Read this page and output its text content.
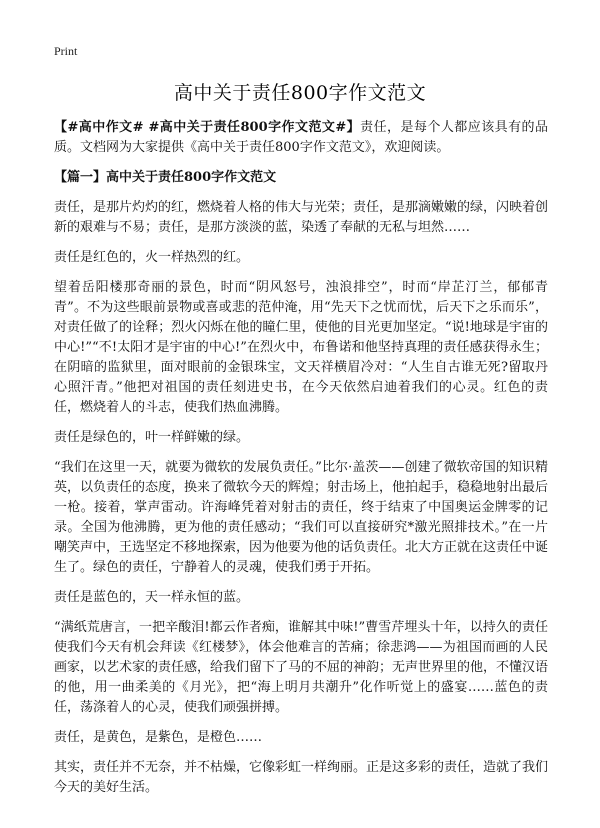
Print
高中关于责任800字作文范文

【#高中作文# #高中关于责任800字作文范文#】责任，是每个人都应该具有的品质。文档网为大家提供《高中关于责任800字作文范文》，欢迎阅读。

【篇一】高中关于责任800字作文范文

责任，是那片灼灼的红，燃烧着人格的伟大与光荣；责任，是那滴嫩嫩的绿，闪映着创新的艰难与不易；责任，是那方淡淡的蓝，染透了奉献的无私与坦然……

责任是红色的，火一样热烈的红。

望着岳阳楼那奇丽的景色，时而“阴风怒号，浊浪排空”，时而“岸芷汀兰，郁郁青青”。不为这些眼前景物或喜或悲的范仲淹，用“先天下之忧而忧，后天下之乐而乐”，对责任做了的诠释；烈火闪烁在他的瞳仁里，使他的目光更加坚定。“说!地球是宇宙的中心!”“不!太阳才是宇宙的中心!”在烈火中，布鲁诺和他坚持真理的责任感获得永生；在阴暗的监狱里，面对眼前的金银珠宝，文天祥横眉冷对：“人生自古谁无死?留取丹心照汗青。”他把对祖国的责任刻进史书，在今天依然启迪着我们的心灵。红色的责任，燃烧着人的斗志，使我们热血沸腾。

责任是绿色的，叶一样鲜嫩的绿。

“我们在这里一天，就要为微软的发展负责任。”比尔·盖茨——创建了微软帝国的知识精英，以负责任的态度，换来了微软今天的辉煌；射击场上，他拍起手，稳稳地射出最后一枪。接着，掌声雷动。许海峰凭着对射击的责任，终于结束了中国奥运金牌零的记录。全国为他沸腾，更为他的责任感动；“我们可以直接研究*激光照排技术。”在一片嘲笑声中，王选坚定不移地探索，因为他要为他的话负责任。北大方正就在这责任中诞生了。绿色的责任，宁静着人的灵魂，使我们勇于开拓。

责任是蓝色的，天一样永恒的蓝。

“满纸荒唐言，一把辛酸泪!都云作者痴，谁解其中味!”曹雪芹埋头十年，以持久的责任使我们今天有机会拜读《红楼梦》，体会他难言的苦痛；徐悲鸿——为祖国而画的人民画家，以艺术家的责任感，给我们留下了马的不屈的神韵；无声世界里的他，不懂汉语的他，用一曲柔美的《月光》，把“海上明月共潮升”化作听觉上的盛宴……蓝色的责任，荡涤着人的心灵，使我们顽强拼搏。

责任，是黄色，是紫色，是橙色……

其实，责任并不无奈，并不枯燥，它像彩虹一样绚丽。正是这多彩的责任，造就了我们今天的美好生活。
